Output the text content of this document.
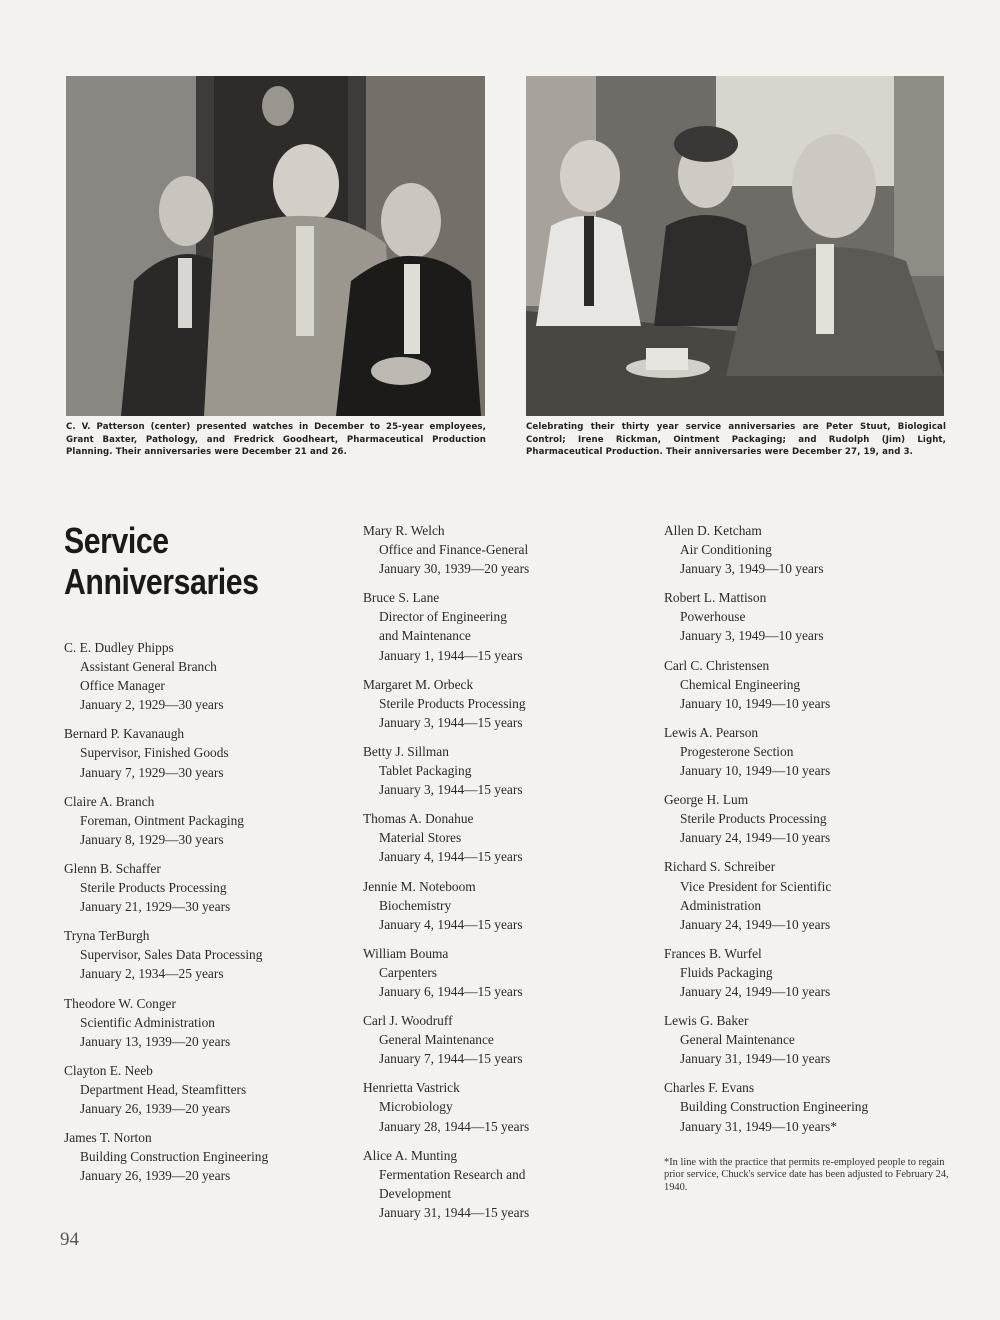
C. V. Patterson (center) presented watches in December to 25-year employees, Grant Baxter, Pathology, and Fredrick Goodheart, Pharmaceutical Production Planning. Their anniversaries were December 21 and 26.
Celebrating their thirty year service anniversaries are Peter Stuut, Biological Control; Irene Rickman, Ointment Packaging; and Rudolph (Jim) Light, Pharmaceutical Production. Their anniversaries were December 27, 19, and 3.
Service
Anniversaries
C. E. Dudley Phipps
Assistant General Branch
Office Manager
January 2, 1929—30 years
Bernard P. Kavanaugh
Supervisor, Finished Goods
January 7, 1929—30 years
Claire A. Branch
Foreman, Ointment Packaging
January 8, 1929—30 years
Glenn B. Schaffer
Sterile Products Processing
January 21, 1929—30 years
Tryna TerBurgh
Supervisor, Sales Data Processing
January 2, 1934—25 years
Theodore W. Conger
Scientific Administration
January 13, 1939—20 years
Clayton E. Neeb
Department Head, Steamfitters
January 26, 1939—20 years
James T. Norton
Building Construction Engineering
January 26, 1939—20 years
Mary R. Welch
Office and Finance-General
January 30, 1939—20 years
Bruce S. Lane
Director of Engineering
and Maintenance
January 1, 1944—15 years
Margaret M. Orbeck
Sterile Products Processing
January 3, 1944—15 years
Betty J. Sillman
Tablet Packaging
January 3, 1944—15 years
Thomas A. Donahue
Material Stores
January 4, 1944—15 years
Jennie M. Noteboom
Biochemistry
January 4, 1944—15 years
William Bouma
Carpenters
January 6, 1944—15 years
Carl J. Woodruff
General Maintenance
January 7, 1944—15 years
Henrietta Vastrick
Microbiology
January 28, 1944—15 years
Alice A. Munting
Fermentation Research and
Development
January 31, 1944—15 years
Allen D. Ketcham
Air Conditioning
January 3, 1949—10 years
Robert L. Mattison
Powerhouse
January 3, 1949—10 years
Carl C. Christensen
Chemical Engineering
January 10, 1949—10 years
Lewis A. Pearson
Progesterone Section
January 10, 1949—10 years
George H. Lum
Sterile Products Processing
January 24, 1949—10 years
Richard S. Schreiber
Vice President for Scientific
Administration
January 24, 1949—10 years
Frances B. Wurfel
Fluids Packaging
January 24, 1949—10 years
Lewis G. Baker
General Maintenance
January 31, 1949—10 years
Charles F. Evans
Building Construction Engineering
January 31, 1949—10 years*
*In line with the practice that permits re-employed people to regain prior service, Chuck's service date has been adjusted to February 24, 1940.
94
